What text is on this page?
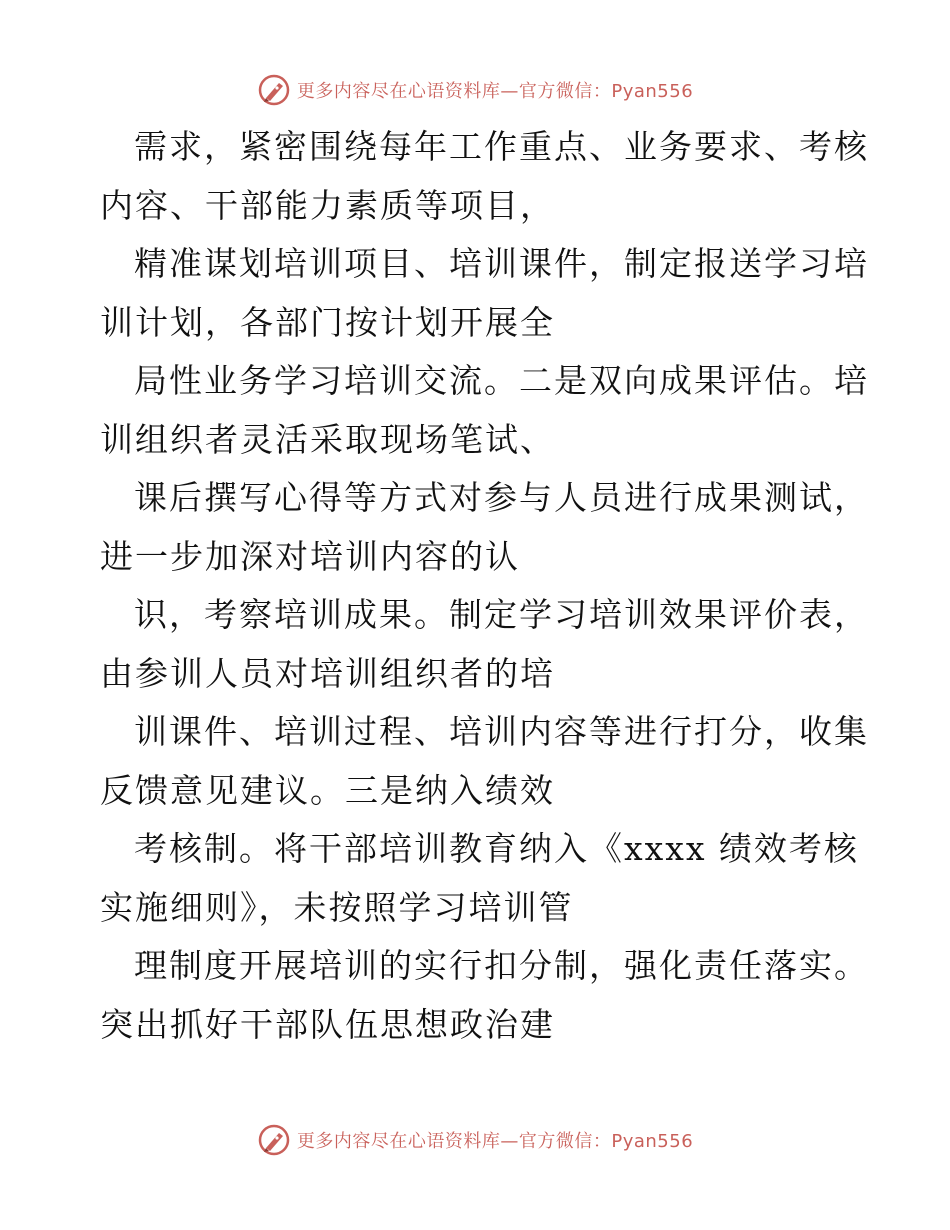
更多内容尽在心语资料库—官方微信：Pyan556
需求，紧密围绕每年工作重点、业务要求、考核
内容、干部能力素质等项目，
精准谋划培训项目、培训课件，制定报送学习培
训计划，各部门按计划开展全
局性业务学习培训交流。二是双向成果评估。培
训组织者灵活采取现场笔试、
课后撰写心得等方式对参与人员进行成果测试，
进一步加深对培训内容的认
识，考察培训成果。制定学习培训效果评价表，
由参训人员对培训组织者的培
训课件、培训过程、培训内容等进行打分，收集
反馈意见建议。三是纳入绩效
考核制。将干部培训教育纳入《xxxx 绩效考核
实施细则》，未按照学习培训管
理制度开展培训的实行扣分制，强化责任落实。
突出抓好干部队伍思想政治建
更多内容尽在心语资料库—官方微信：Pyan556
